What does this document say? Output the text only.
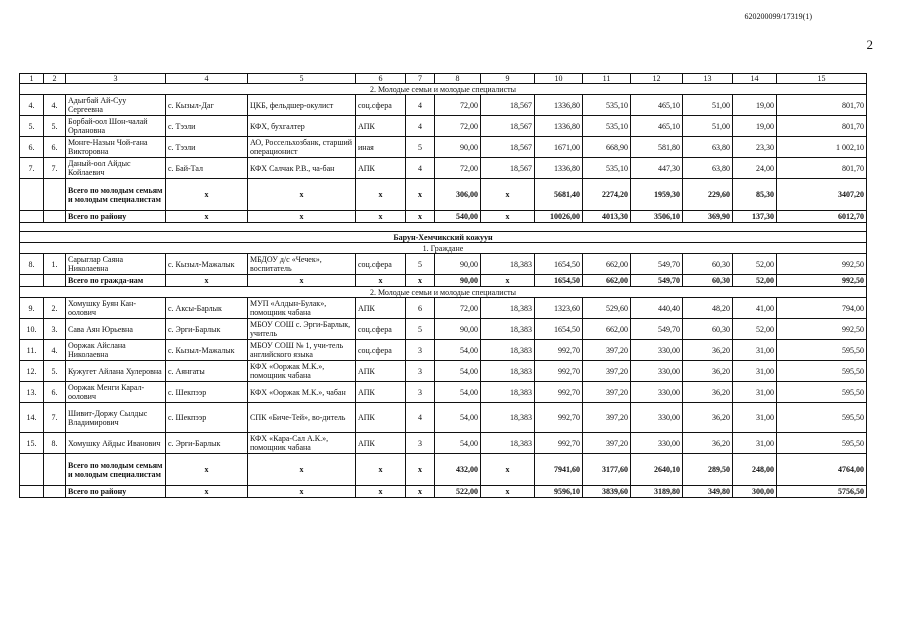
620200099/17319(1)
2
1	2	3	4	5	6	7	8	9	10	11	12	13	14	15
2. Молодые семьи и молодые специалисты														
4.	4.	Адыгбай Ай-Суу Сергеевна	с. Кызыл-Даг	ЦКБ, фельдшер-окулист	соц.сфера	4	72,00	18,567	1336,80	535,10	465,10	51,00	19,00	801,70
5.	5.	Борбай-оол Шон-чалай Орлановна	с. Тээли	КФХ, бухгалтер	АПК	4	72,00	18,567	1336,80	535,10	465,10	51,00	19,00	801,70
6.	6.	Монге-Назын Чой-гана Викторовна	с. Тээли	АО, Россельхозбанк, старший операционист	иная	5	90,00	18,567	1671,00	668,90	581,80	63,80	23,30	1 002,10
7.	7.	Даный-оол Айдыс Койлаевич	с. Бай-Тал	КФХ Салчак Р.В., ча-бан	АПК	4	72,00	18,567	1336,80	535,10	447,30	63,80	24,00	801,70
		Всего по молодым семьям и молодым специалистам	x	x	x	x	306,00	x	5681,40	2274,20	1959,30	229,60	85,30	3407,20
		Всего по району	x	x	x	x	540,00	x	10026,00	4013,30	3506,10	369,90	137,30	6012,70

Барун-Хемчикский кожуун														
1. Граждане														
8.	1.	Сарыглар Саяна Николаевна	с. Кызыл-Мажалык	МБДОУ д/с «Чечек», воспитатель	соц.сфера	5	90,00	18,383	1654,50	662,00	549,70	60,30	52,00	992,50
		Всего по гражда-нам	x	x	x	x	90,00	x	1654,50	662,00	549,70	60,30	52,00	992,50
2. Молодые семьи и молодые специалисты														
9.	2.	Хомушку Буян Кан-оолович	с. Аксы-Барлык	МУП «Алдын-Булак», помощник чабана	АПК	6	72,00	18,383	1323,60	529,60	440,40	48,20	41,00	794,00
10.	3.	Сава Аян Юрьевна	с. Эрги-Барлык	МБОУ СОШ с. Эрги-Барлык, учитель	соц.сфера	5	90,00	18,383	1654,50	662,00	549,70	60,30	52,00	992,50
11.	4.	Ооржак Айслана Николаевна	с. Кызыл-Мажалык	МБОУ СОШ № 1, учи-тель английского языка	соц.сфера	3	54,00	18,383	992,70	397,20	330,00	36,20	31,00	595,50
12.	5.	Кужугет Айлана Хулеровна	с. Аянгаты	КФХ «Ооржак М.К.», помощник чабана	АПК	3	54,00	18,383	992,70	397,20	330,00	36,20	31,00	595,50
13.	6.	Ооржак Менги Карал-оолович	с. Шекпээр	КФХ «Ооржак М.К.», чабан	АПК	3	54,00	18,383	992,70	397,20	330,00	36,20	31,00	595,50
14.	7.	Шивит-Доржу Сылдыс Владимирович	с. Шекпээр	СПК «Биче-Тей», во-дитель	АПК	4	54,00	18,383	992,70	397,20	330,00	36,20	31,00	595,50
15.	8.	Хомушку Айдыс Иванович	с. Эрги-Барлык	КФХ «Кара-Сал А.К.», помощник чабана	АПК	3	54,00	18,383	992,70	397,20	330,00	36,20	31,00	595,50
		Всего по молодым семьям и молодым специалистам	x	x	x	x	432,00	x	7941,60	3177,60	2640,10	289,50	248,00	4764,00
		Всего по району	x	x	x	x	522,00	x	9596,10	3839,60	3189,80	349,80	300,00	5756,50
